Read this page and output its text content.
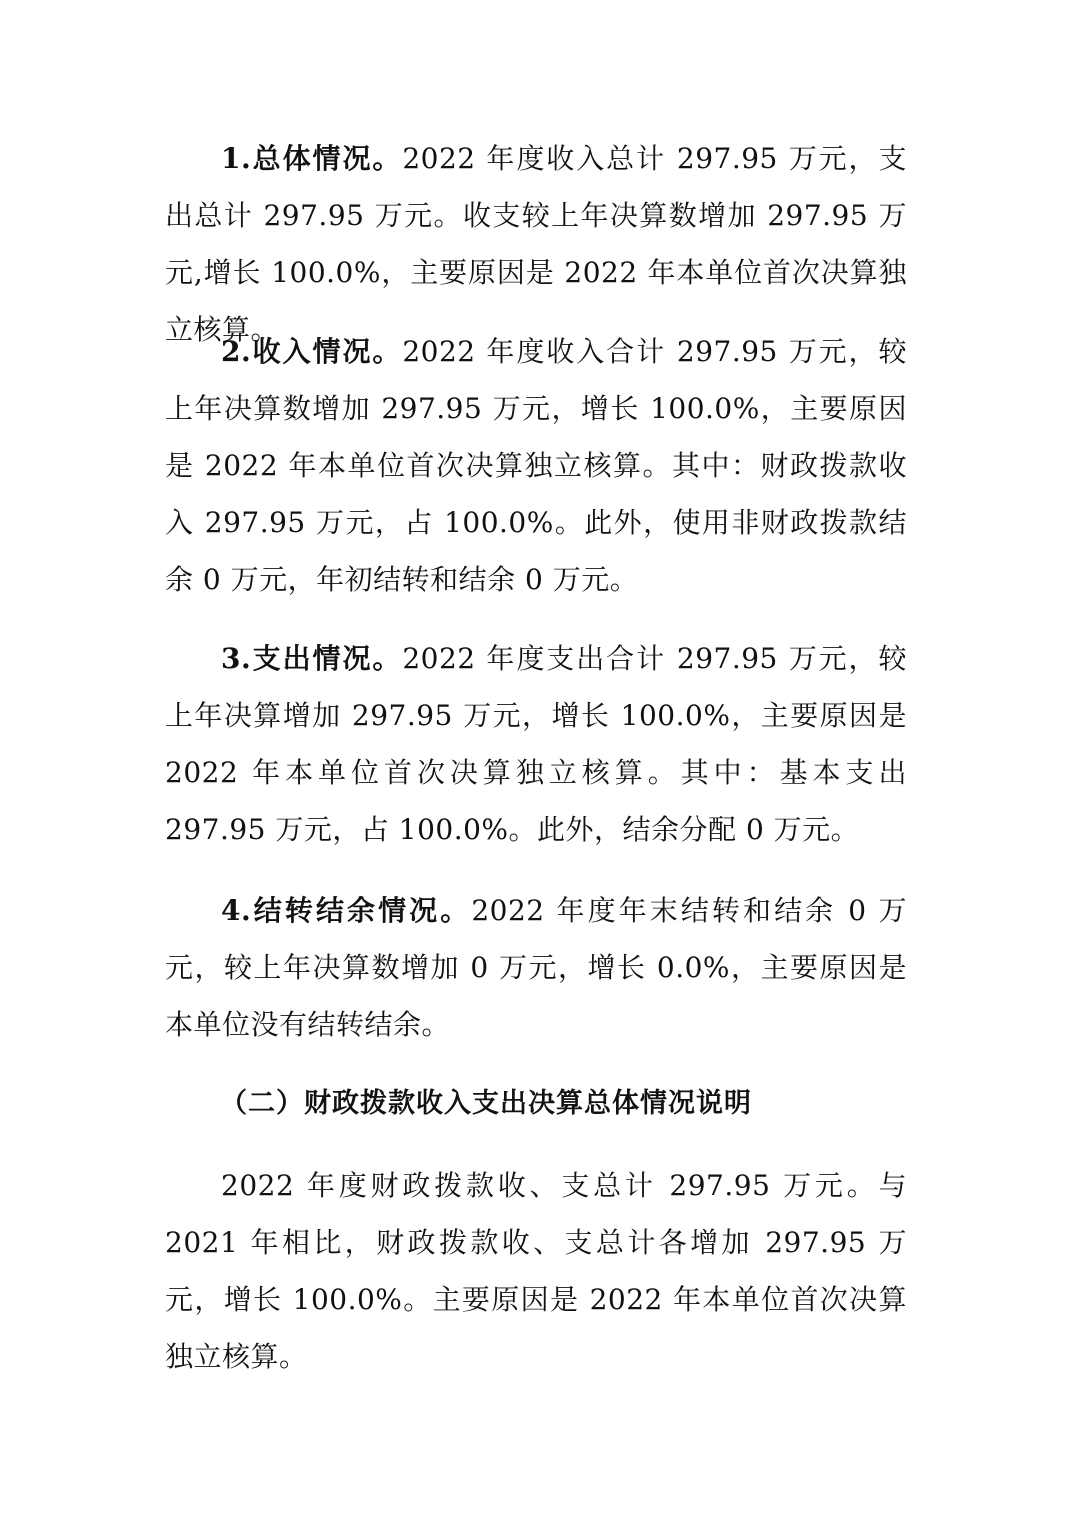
1.总体情况。2022 年度收入总计 297.95 万元，支出总计 297.95 万元。收支较上年决算数增加 297.95 万元,增长 100.0%，主要原因是 2022 年本单位首次决算独立核算。

2.收入情况。2022 年度收入合计 297.95 万元，较上年决算数增加 297.95 万元，增长 100.0%，主要原因是 2022 年本单位首次决算独立核算。其中：财政拨款收入 297.95 万元，占 100.0%。此外，使用非财政拨款结余 0 万元，年初结转和结余 0 万元。

3.支出情况。2022 年度支出合计 297.95 万元，较上年决算增加 297.95 万元，增长 100.0%，主要原因是 2022 年本单位首次决算独立核算。其中：基本支出 297.95 万元，占 100.0%。此外，结余分配 0 万元。

4.结转结余情况。2022 年度年末结转和结余 0 万元，较上年决算数增加 0 万元，增长 0.0%，主要原因是本单位没有结转结余。

（二）财政拨款收入支出决算总体情况说明

2022 年度财政拨款收、支总计 297.95 万元。与 2021 年相比，财政拨款收、支总计各增加 297.95 万元，增长 100.0%。主要原因是 2022 年本单位首次决算独立核算。
